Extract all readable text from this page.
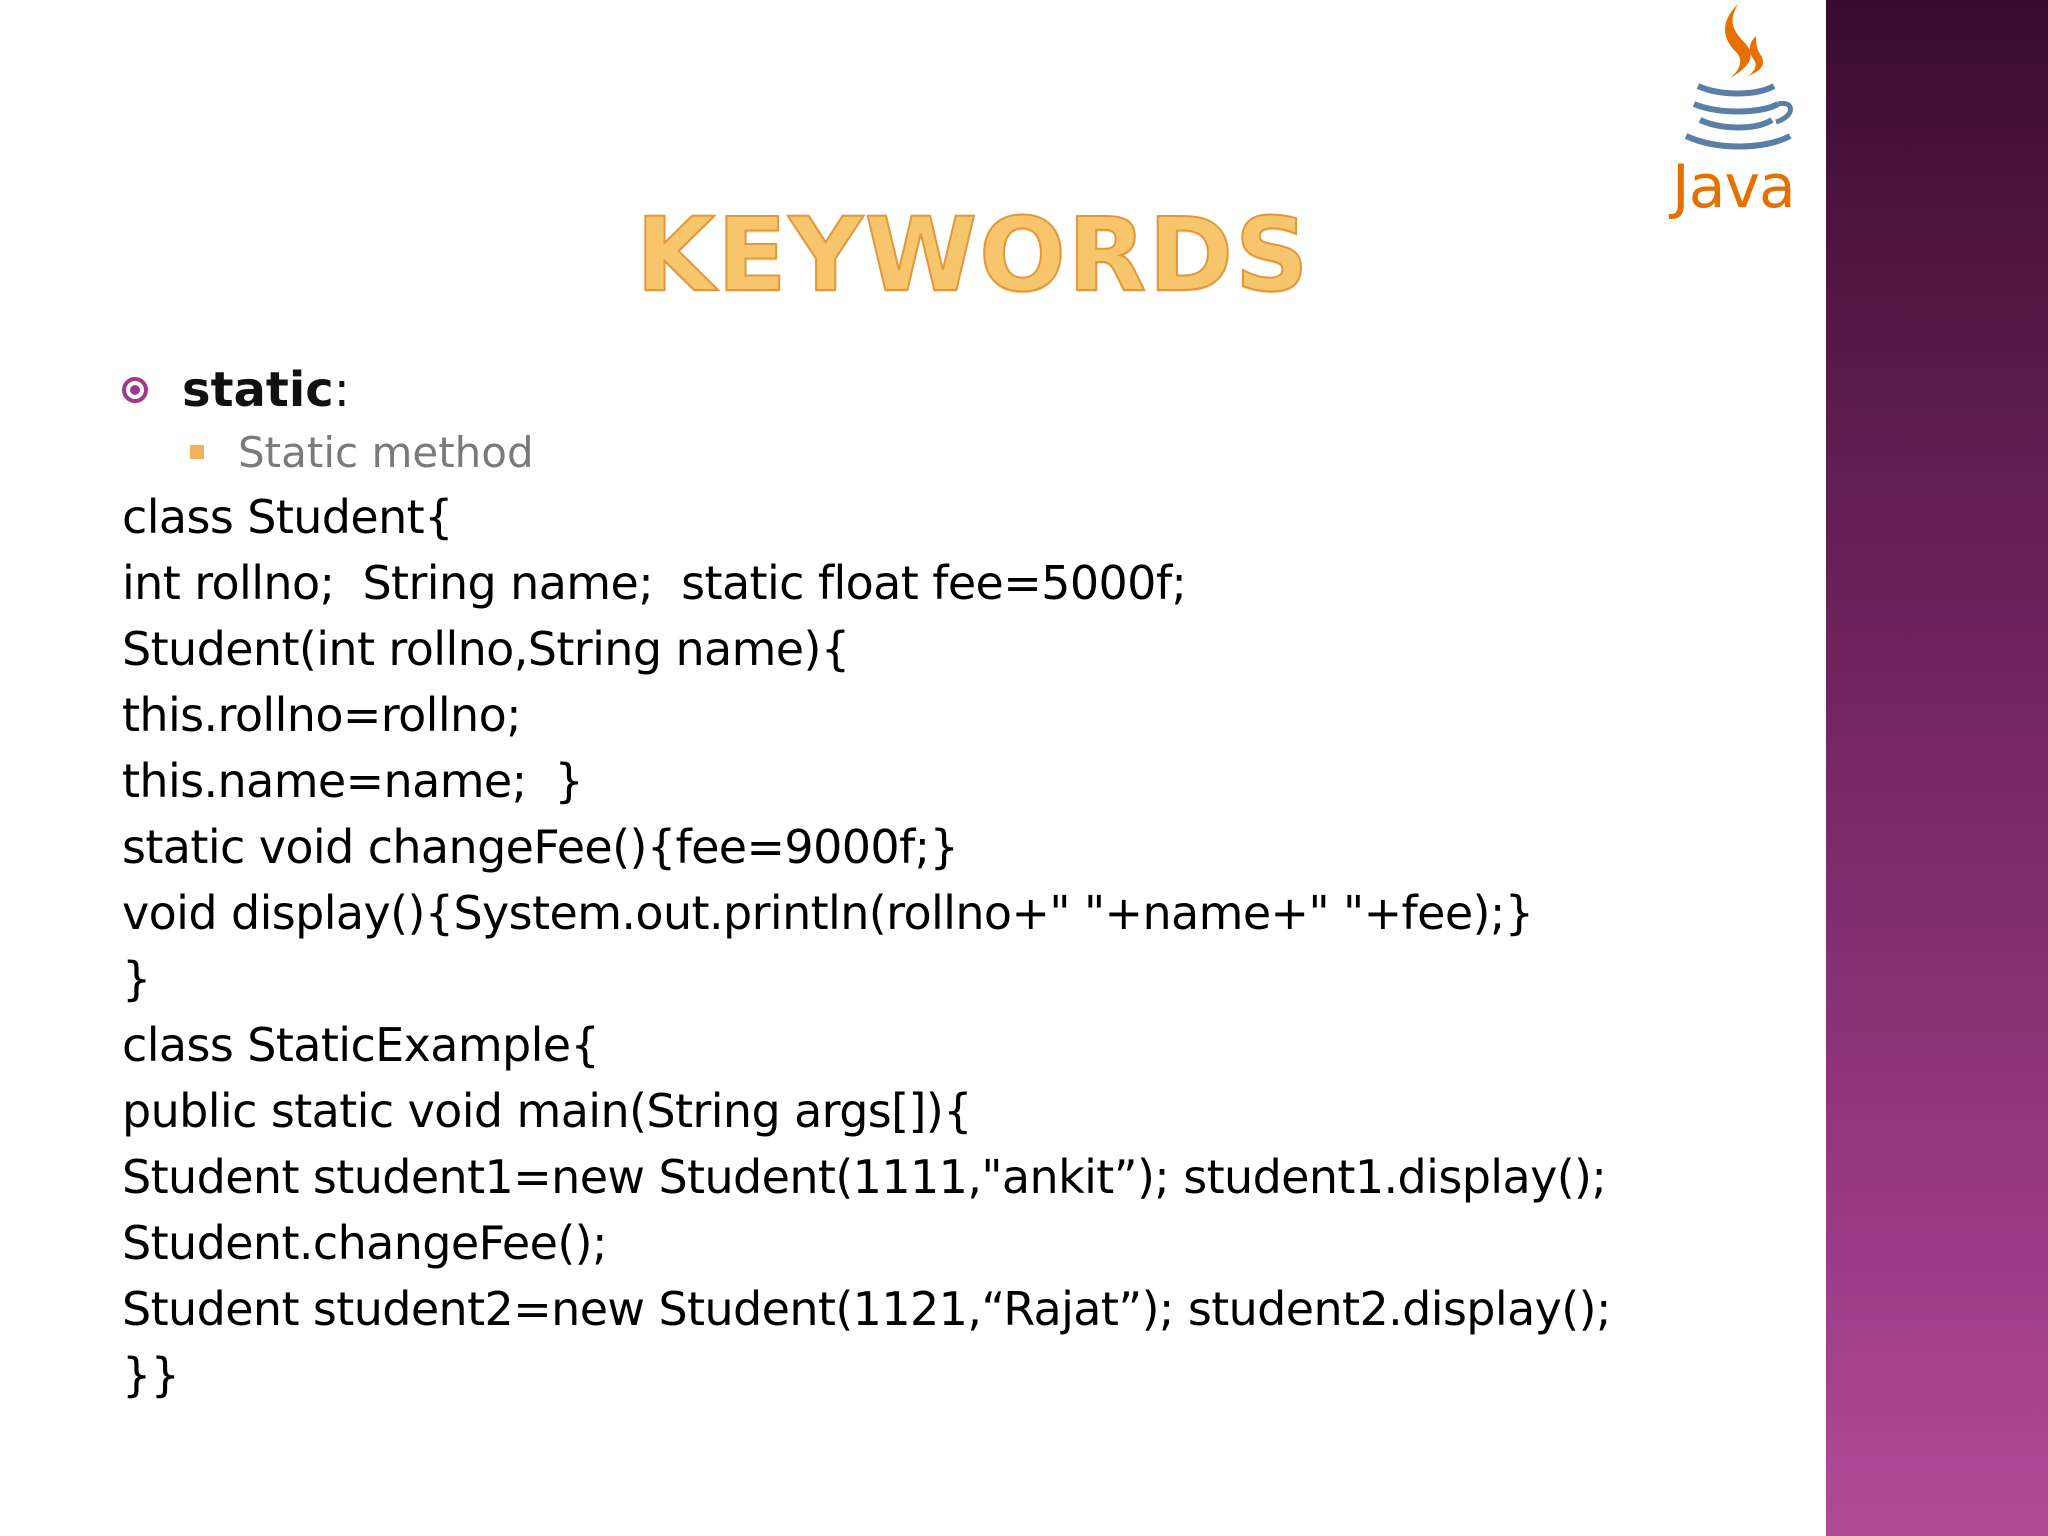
Java
KEYWORDS
static:
Static method
class Student{
int rollno;  String name;  static float fee=5000f;
Student(int rollno,String name){
this.rollno=rollno;
this.name=name;  }
static void changeFee(){fee=9000f;}
void display(){System.out.println(rollno+" "+name+" "+fee);}
}
class StaticExample{
public static void main(String args[]){
Student student1=new Student(1111,"ankit”); student1.display();
Student.changeFee();
Student student2=new Student(1121,“Rajat”); student2.display();
}}
